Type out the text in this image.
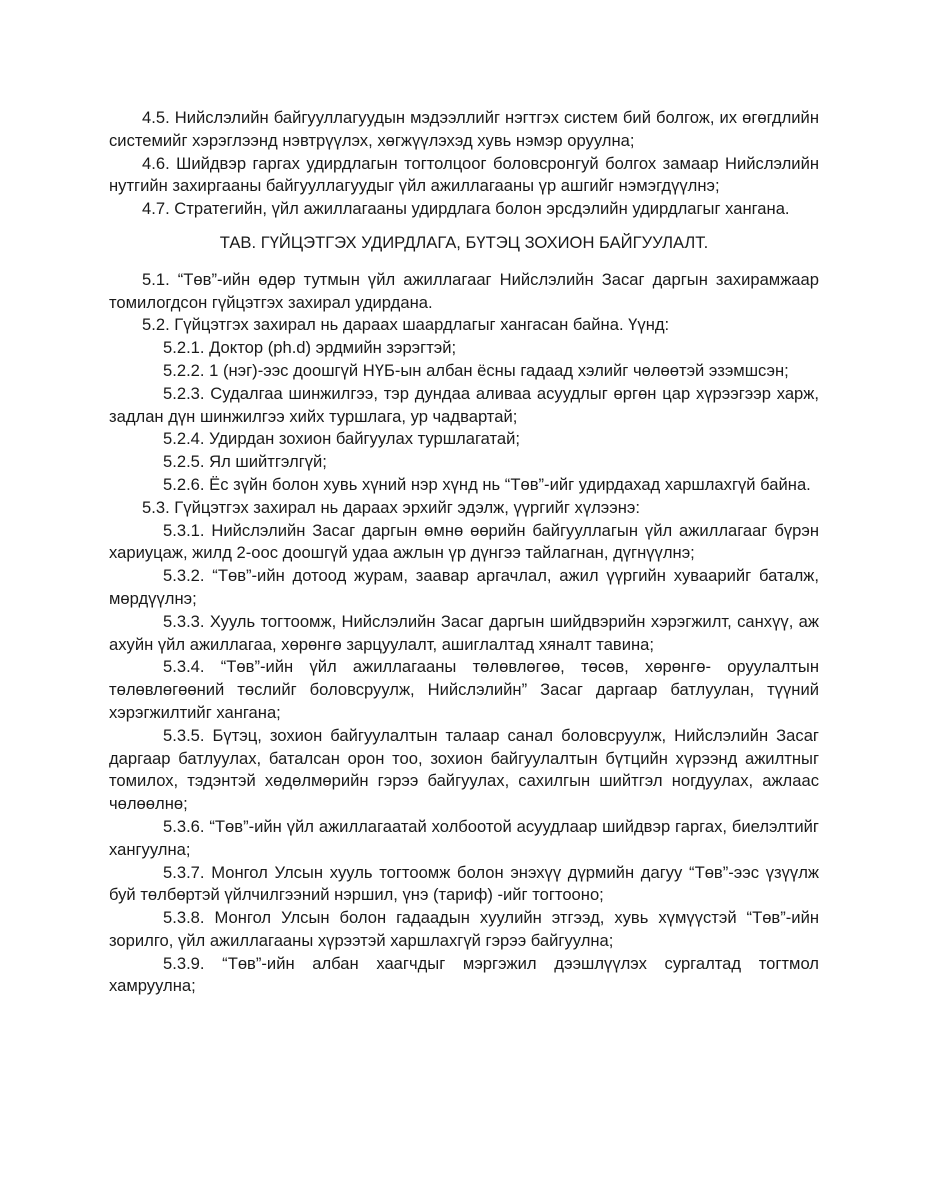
4.5. Нийслэлийн байгууллагуудын мэдээллийг нэгтгэх систем бий болгож, их өгөгдлийн системийг хэрэглээнд нэвтрүүлэх, хөгжүүлэхэд хувь нэмэр оруулна;

4.6. Шийдвэр гаргах удирдлагын тогтолцоог боловсронгуй болгох замаар Нийслэлийн нутгийн захиргааны байгууллагуудыг үйл ажиллагааны үр ашгийг нэмэгдүүлнэ;

4.7. Стратегийн, үйл ажиллагааны удирдлага болон эрсдэлийн удирдлагыг хангана.

ТАВ. ГҮЙЦЭТГЭХ УДИРДЛАГА, БҮТЭЦ ЗОХИОН БАЙГУУЛАЛТ.

5.1. “Төв”-ийн өдөр тутмын үйл ажиллагааг Нийслэлийн Засаг даргын захирамжаар томилогдсон гүйцэтгэх захирал удирдана.

5.2. Гүйцэтгэх захирал нь дараах шаардлагыг хангасан байна. Үүнд:

5.2.1. Доктор (ph.d) эрдмийн зэрэгтэй;

5.2.2. 1 (нэг)-ээс доошгүй НҮБ-ын албан ёсны гадаад хэлийг чөлөөтэй эзэмшсэн;

5.2.3. Судалгаа шинжилгээ, тэр дундаа аливаа асуудлыг өргөн цар хүрээгээр харж, задлан дүн шинжилгээ хийх туршлага, ур чадвартай;

5.2.4. Удирдан зохион байгуулах туршлагатай;

5.2.5. Ял шийтгэлгүй;

5.2.6. Ёс зүйн болон хувь хүний нэр хүнд нь “Төв”-ийг удирдахад харшлахгүй байна.

5.3. Гүйцэтгэх захирал нь дараах эрхийг эдэлж, үүргийг хүлээнэ:

5.3.1. Нийслэлийн Засаг даргын өмнө өөрийн байгууллагын үйл ажиллагааг бүрэн хариуцаж, жилд 2-оос доошгүй удаа ажлын үр дүнгээ тайлагнан, дүгнүүлнэ;

5.3.2. “Төв”-ийн дотоод журам, заавар аргачлал, ажил үүргийн хуваарийг баталж, мөрдүүлнэ;

5.3.3. Хууль тогтоомж, Нийслэлийн Засаг даргын шийдвэрийн хэрэгжилт, санхүү, аж ахуйн үйл ажиллагаа, хөрөнгө зарцуулалт, ашиглалтад хяналт тавина;

5.3.4. “Төв”-ийн үйл ажиллагааны төлөвлөгөө, төсөв, хөрөнгө- оруулалтын төлөвлөгөөний төслийг боловсруулж, Нийслэлийн” Засаг даргаар батлуулан, түүний хэрэгжилтийг хангана;

5.3.5. Бүтэц, зохион байгуулалтын талаар санал боловсруулж, Нийслэлийн Засаг даргаар батлуулах, баталсан орон тоо, зохион байгуулалтын бүтцийн хүрээнд ажилтныг томилох, тэдэнтэй хөдөлмөрийн гэрээ байгуулах, сахилгын шийтгэл ногдуулах, ажлаас чөлөөлнө;

5.3.6. “Төв”-ийн үйл ажиллагаатай холбоотой асуудлаар шийдвэр гаргах, биелэлтийг хангуулна;

5.3.7. Монгол Улсын хууль тогтоомж болон энэхүү дүрмийн дагуу “Төв”-ээс үзүүлж буй төлбөртэй үйлчилгээний нэршил, үнэ (тариф) -ийг тогтооно;

5.3.8. Монгол Улсын болон гадаадын хуулийн этгээд, хувь хүмүүстэй “Төв”-ийн зорилго, үйл ажиллагааны хүрээтэй харшлахгүй гэрээ байгуулна;

5.3.9. “Төв”-ийн албан хаагчдыг мэргэжил дээшлүүлэх сургалтад тогтмол хамруулна;
